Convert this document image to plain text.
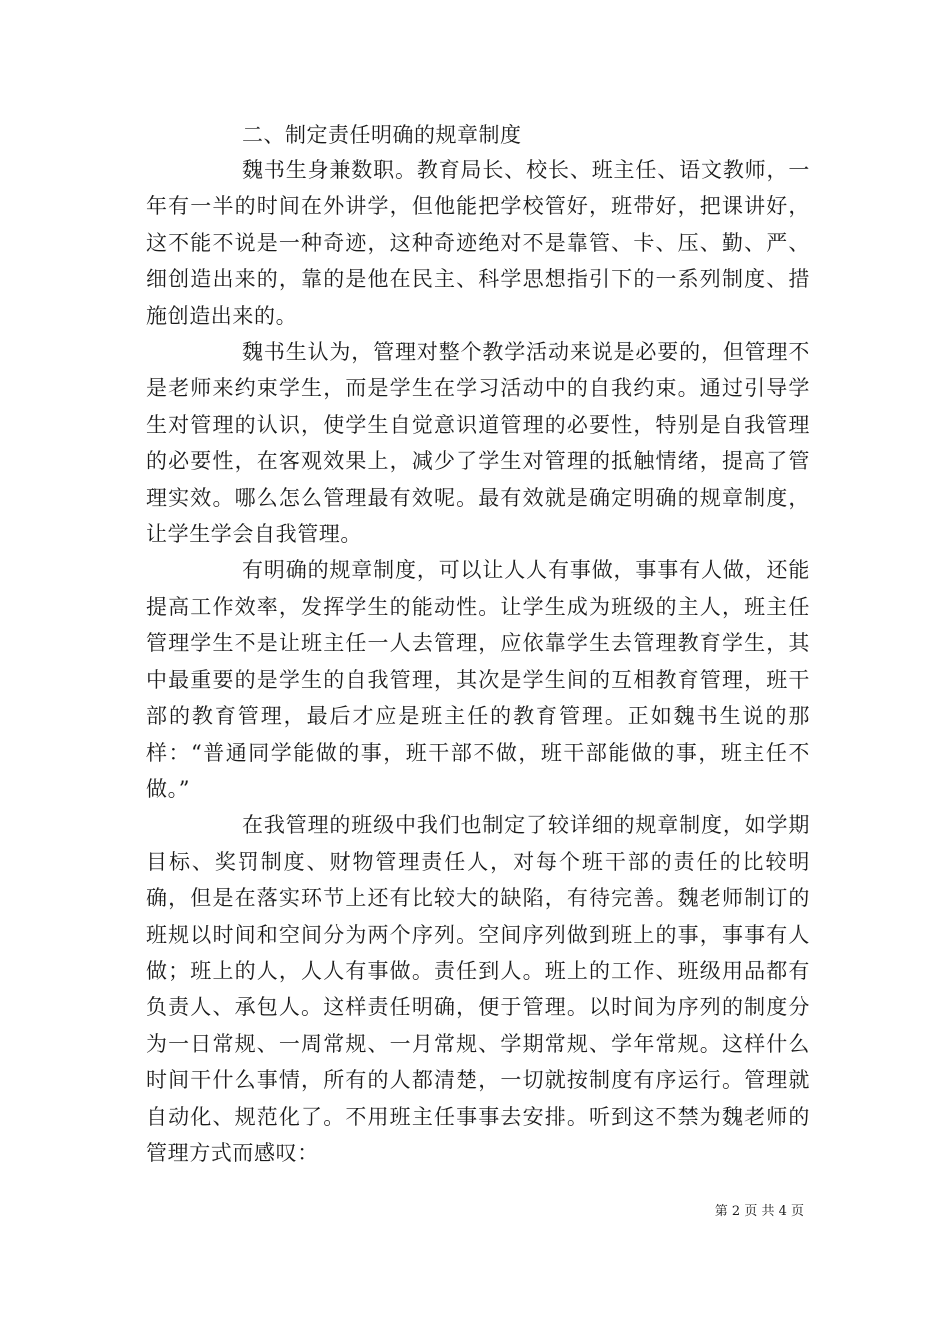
二、制定责任明确的规章制度

魏书生身兼数职。教育局长、校长、班主任、语文教师，一年有一半的时间在外讲学，但他能把学校管好，班带好，把课讲好，这不能不说是一种奇迹，这种奇迹绝对不是靠管、卡、压、勤、严、细创造出来的，靠的是他在民主、科学思想指引下的一系列制度、措施创造出来的。

魏书生认为，管理对整个教学活动来说是必要的，但管理不是老师来约束学生，而是学生在学习活动中的自我约束。通过引导学生对管理的认识，使学生自觉意识道管理的必要性，特别是自我管理的必要性，在客观效果上，减少了学生对管理的抵触情绪，提高了管理实效。哪么怎么管理最有效呢。最有效就是确定明确的规章制度，让学生学会自我管理。

有明确的规章制度，可以让人人有事做，事事有人做，还能提高工作效率，发挥学生的能动性。让学生成为班级的主人，班主任管理学生不是让班主任一人去管理，应依靠学生去管理教育学生，其中最重要的是学生的自我管理，其次是学生间的互相教育管理，班干部的教育管理，最后才应是班主任的教育管理。正如魏书生说的那样：“普通同学能做的事，班干部不做，班干部能做的事，班主任不做。”

在我管理的班级中我们也制定了较详细的规章制度，如学期目标、奖罚制度、财物管理责任人，对每个班干部的责任的比较明确，但是在落实环节上还有比较大的缺陷，有待完善。魏老师制订的班规以时间和空间分为两个序列。空间序列做到班上的事，事事有人做；班上的人，人人有事做。责任到人。班上的工作、班级用品都有负责人、承包人。这样责任明确，便于管理。以时间为序列的制度分为一日常规、一周常规、一月常规、学期常规、学年常规。这样什么时间干什么事情，所有的人都清楚，一切就按制度有序运行。管理就自动化、规范化了。不用班主任事事去安排。听到这不禁为魏老师的管理方式而感叹：

第 2 页 共 4 页
